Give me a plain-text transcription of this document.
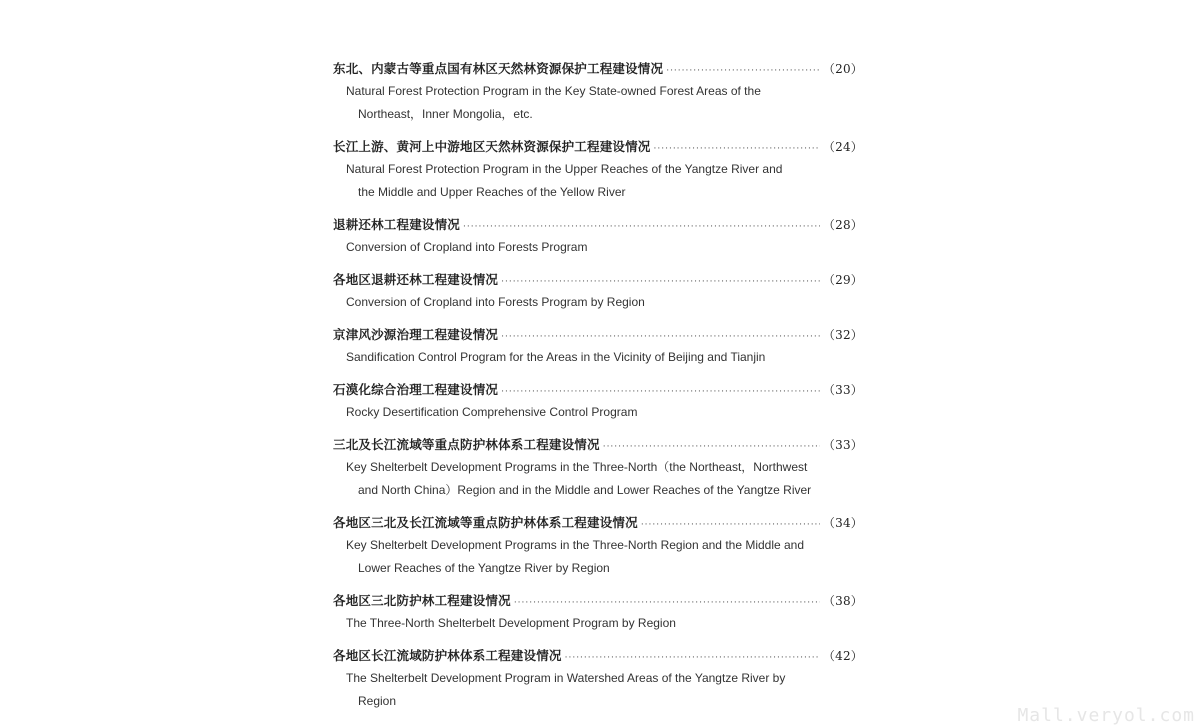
东北、内蒙古等重点国有林区天然林资源保护工程建设情况 ·····	（20）
Natural Forest Protection Program in the Key State-owned Forest Areas of the
Northeast，Inner Mongolia，etc.
长江上游、黄河上中游地区天然林资源保护工程建设情况 ·····	（24）
Natural Forest Protection Program in the Upper Reaches of the Yangtze River and
the Middle and Upper Reaches of the Yellow River
退耕还林工程建设情况 ·····	（28）
Conversion of Cropland into Forests Program
各地区退耕还林工程建设情况 ·····	（29）
Conversion of Cropland into Forests Program by Region
京津风沙源治理工程建设情况 ·····	（32）
Sandification Control Program for the Areas in the Vicinity of Beijing and Tianjin
石漠化综合治理工程建设情况 ·····	（33）
Rocky Desertification Comprehensive Control Program
三北及长江流域等重点防护林体系工程建设情况 ·····	（33）
Key Shelterbelt Development Programs in the Three-North（the Northeast，Northwest
and North China）Region and in the Middle and Lower Reaches of the Yangtze River
各地区三北及长江流域等重点防护林体系工程建设情况 ·····	（34）
Key Shelterbelt Development Programs in the Three-North Region and the Middle and
Lower Reaches of the Yangtze River by Region
各地区三北防护林工程建设情况 ·····	（38）
The Three-North Shelterbelt Development Program by Region
各地区长江流域防护林体系工程建设情况 ·····	（42）
The Shelterbelt Development Program in Watershed Areas of the Yangtze River by
Region
Mall.veryol.com
